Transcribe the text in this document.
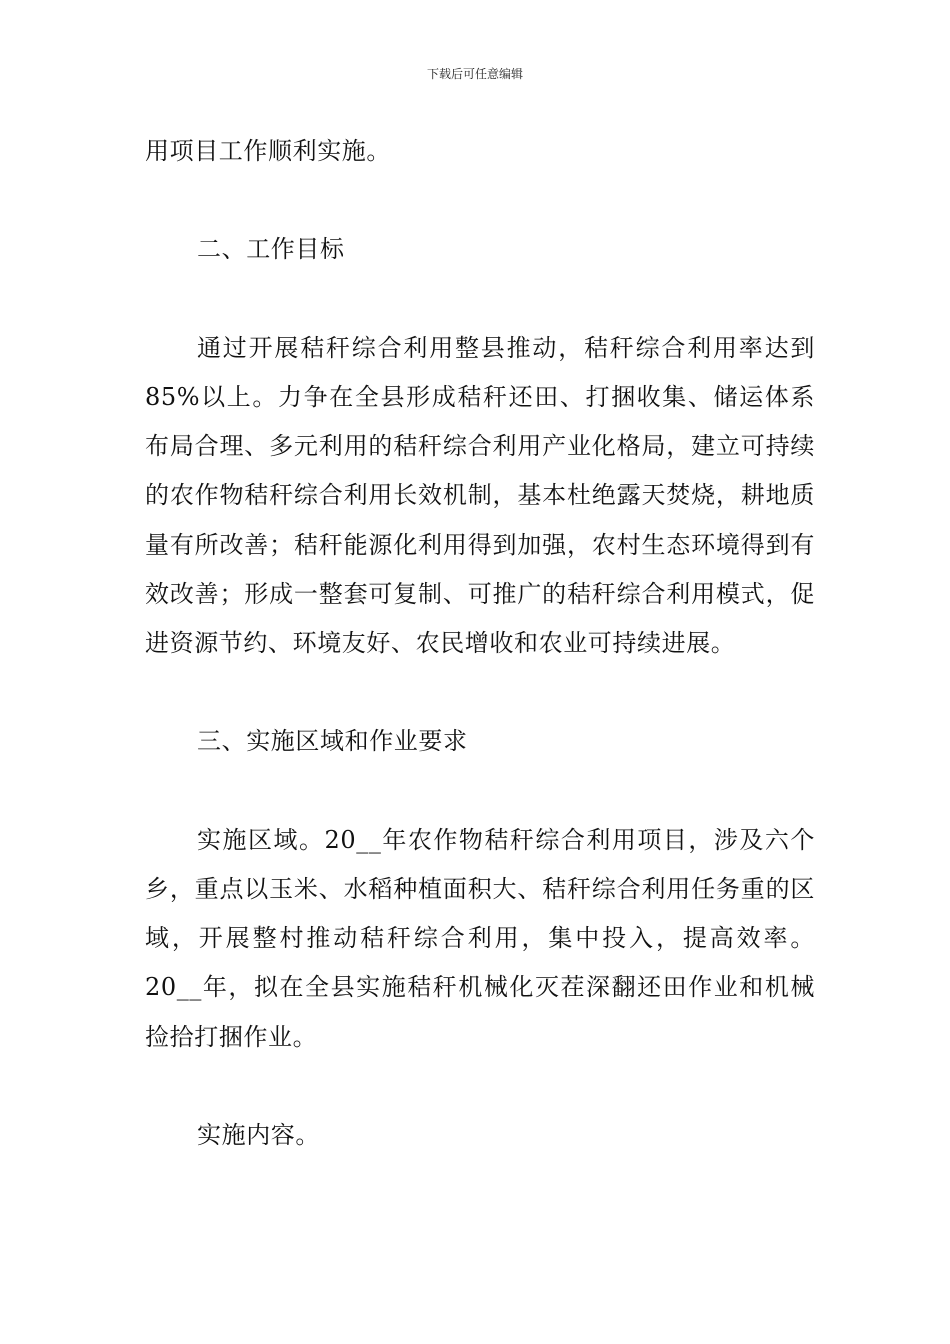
下载后可任意编辑

用项目工作顺利实施。

二、工作目标

通过开展秸秆综合利用整县推动，秸秆综合利用率达到85%以上。力争在全县形成秸秆还田、打捆收集、储运体系布局合理、多元利用的秸秆综合利用产业化格局，建立可持续的农作物秸秆综合利用长效机制，基本杜绝露天焚烧，耕地质量有所改善；秸秆能源化利用得到加强，农村生态环境得到有效改善；形成一整套可复制、可推广的秸秆综合利用模式，促进资源节约、环境友好、农民增收和农业可持续进展。

三、实施区域和作业要求

实施区域。20__年农作物秸秆综合利用项目，涉及六个乡，重点以玉米、水稻种植面积大、秸秆综合利用任务重的区域，开展整村推动秸秆综合利用，集中投入，提高效率。20__年，拟在全县实施秸秆机械化灭茬深翻还田作业和机械捡拾打捆作业。

实施内容。
